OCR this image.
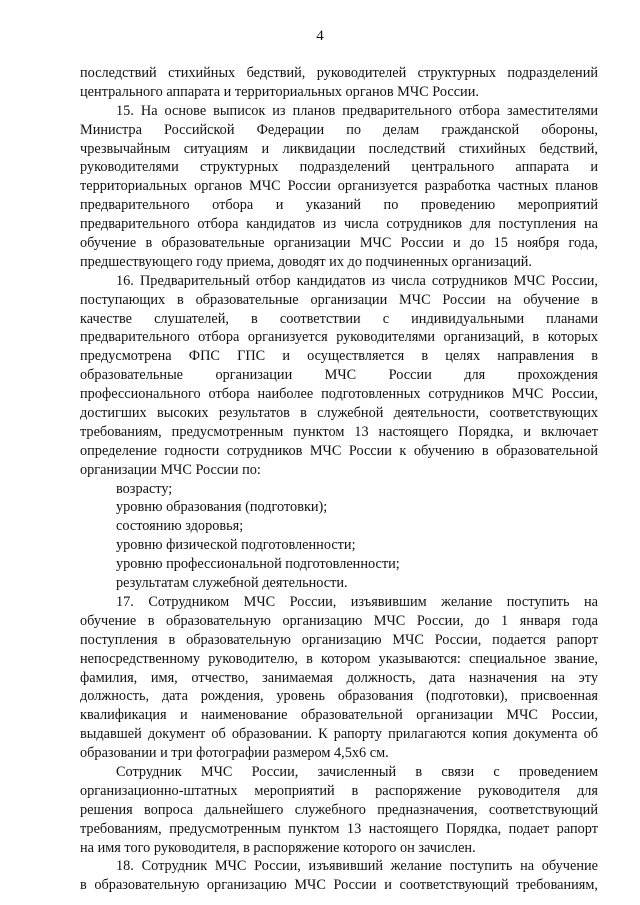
4
последствий стихийных бедствий, руководителей структурных подразделений
центрального аппарата и территориальных органов МЧС России.
15. На основе выписок из планов предварительного отбора заместителями
Министра Российской Федерации по делам гражданской обороны,
чрезвычайным ситуациям и ликвидации последствий стихийных бедствий,
руководителями структурных подразделений центрального аппарата и
территориальных органов МЧС России организуется разработка частных планов
предварительного отбора и указаний по проведению мероприятий
предварительного отбора кандидатов из числа сотрудников для поступления на
обучение в образовательные организации МЧС России и до 15 ноября года,
предшествующего году приема, доводят их до подчиненных организаций.
16. Предварительный отбор кандидатов из числа сотрудников МЧС России,
поступающих в образовательные организации МЧС России на обучение в
качестве слушателей, в соответствии с индивидуальными планами
предварительного отбора организуется руководителями организаций, в которых
предусмотрена ФПС ГПС и осуществляется в целях направления в
образовательные организации МЧС России для прохождения
профессионального отбора наиболее подготовленных сотрудников МЧС России,
достигших высоких результатов в служебной деятельности, соответствующих
требованиям, предусмотренным пунктом 13 настоящего Порядка, и включает
определение годности сотрудников МЧС России к обучению в образовательной
организации МЧС России по:
возрасту;
уровню образования (подготовки);
состоянию здоровья;
уровню физической подготовленности;
уровню профессиональной подготовленности;
результатам служебной деятельности.
17. Сотрудником МЧС России, изъявившим желание поступить на
обучение в образовательную организацию МЧС России, до 1 января года
поступления в образовательную организацию МЧС России, подается рапорт
непосредственному руководителю, в котором указываются: специальное звание,
фамилия, имя, отчество, занимаемая должность, дата назначения на эту
должность, дата рождения, уровень образования (подготовки), присвоенная
квалификация и наименование образовательной организации МЧС России,
выдавшей документ об образовании. К рапорту прилагаются копия документа об
образовании и три фотографии размером 4,5х6 см.
Сотрудник МЧС России, зачисленный в связи с проведением
организационно-штатных мероприятий в распоряжение руководителя для
решения вопроса дальнейшего служебного предназначения, соответствующий
требованиям, предусмотренным пунктом 13 настоящего Порядка, подает рапорт
на имя того руководителя, в распоряжение которого он зачислен.
18. Сотрудник МЧС России, изъявивший желание поступить на обучение
в образовательную организацию МЧС России и соответствующий требованиям,
